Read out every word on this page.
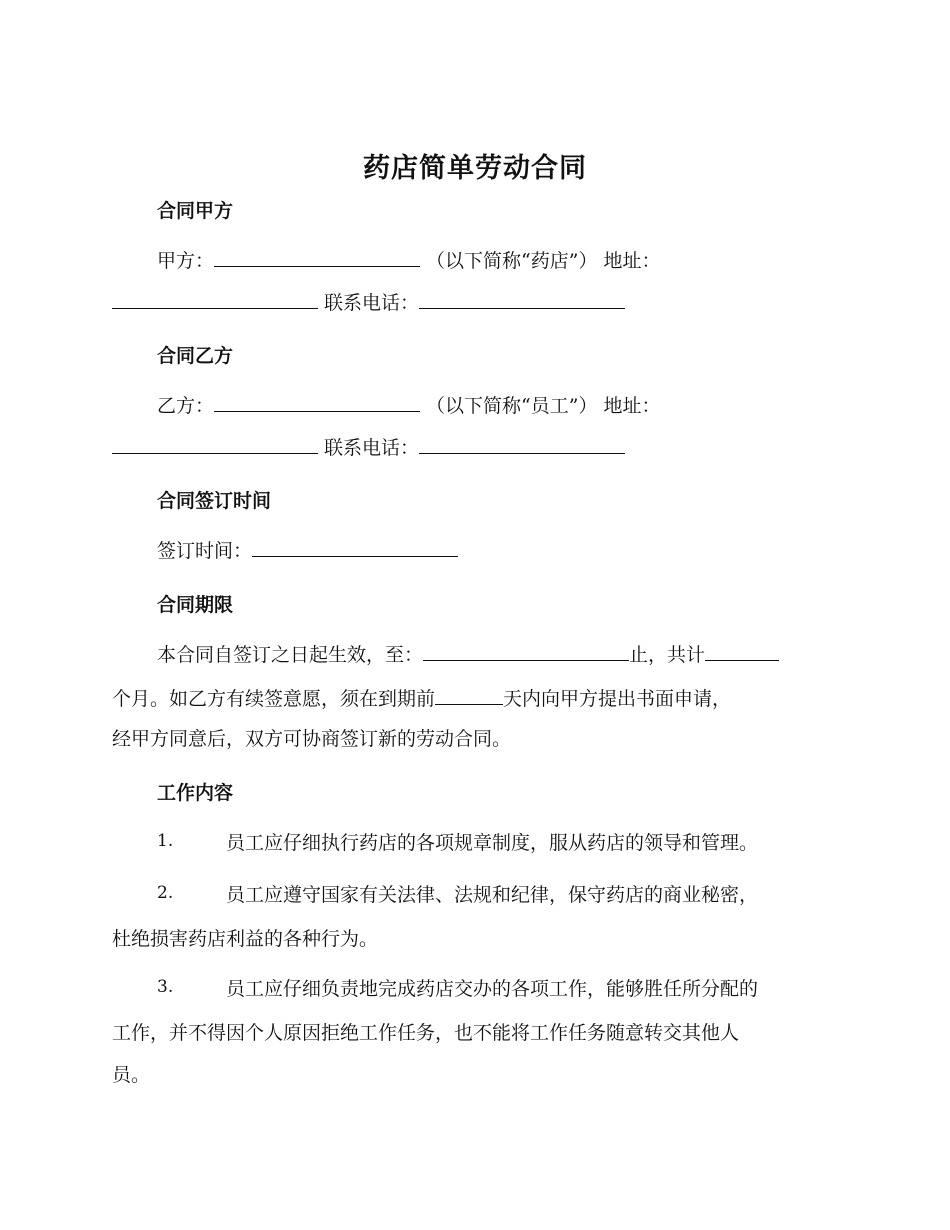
药店简单劳动合同
合同甲方
甲方：	（以下简称“药店”） 地址：
联系电话：
合同乙方
乙方：	（以下简称“员工”） 地址：
联系电话：
合同签订时间
签订时间：
合同期限
本合同自签订之日起生效，至：	止，共计
个月。如乙方有续签意愿，须在到期前	天内向甲方提出书面申请，
经甲方同意后，双方可协商签订新的劳动合同。
工作内容
1.	员工应仔细执行药店的各项规章制度，服从药店的领导和管理。
2.	员工应遵守国家有关法律、法规和纪律，保守药店的商业秘密，
杜绝损害药店利益的各种行为。
3.	员工应仔细负责地完成药店交办的各项工作，能够胜任所分配的
工作，并不得因个人原因拒绝工作任务，也不能将工作任务随意转交其他人
员。
